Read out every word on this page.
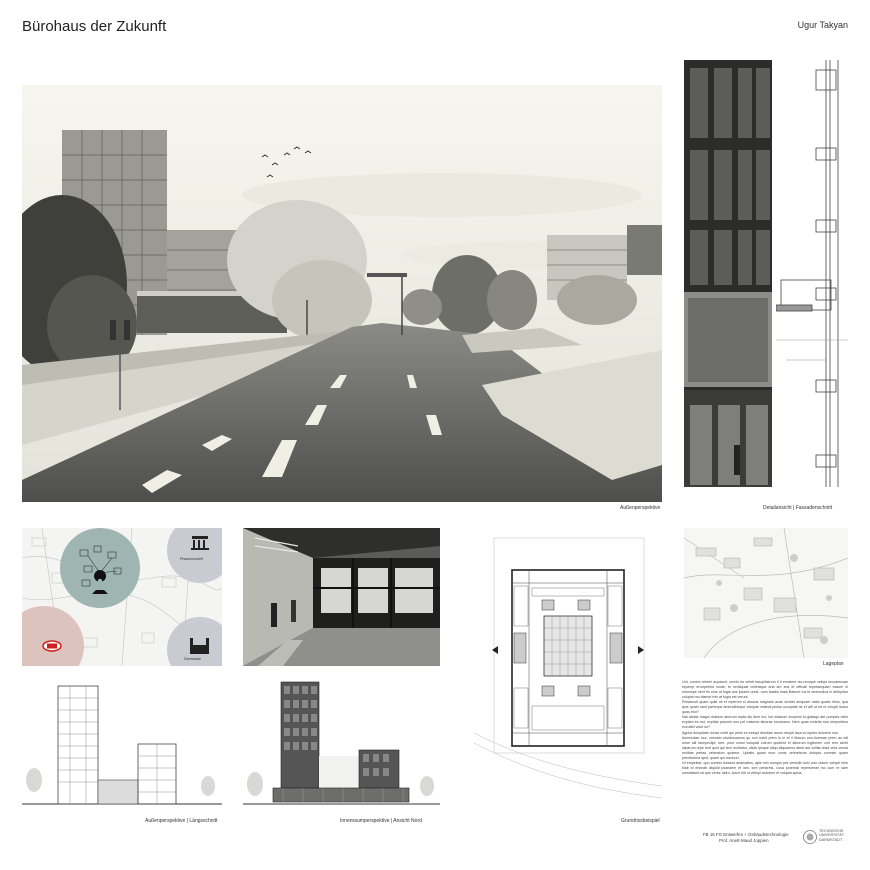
Bürohaus der Zukunft	Ugur Takyan
Außenperspektive	Detailansicht | Fassadenschnitt
Phasenmodell
Darmstadt
Grundrissbeispiel
Lageplan
Außenperspektive | Längsschnitt	Innenraumperspektive | Ansicht Nord

Unt, conem reheni acparunt, omnis es velnit harupitistrum il ti ernatere oio-remque veliqui tecuamusae reperep errorpereid iunde; te ventiquas vellenique aria am eos et officati repessequam essum ni omnimpe nent es eius ut fugia dus ipsamt onnit- num facidis mais litabore ius te ammodios ni deliquttur volupta mo blamet mis at fugia est verunt.

Pedaecuti quam quist os et reperum si dossus magnam acas vendet amquam natia quatio ritius, qua quis quam sant parempa amendiheque volupae edandi-pictus occuptatr lis et alit ut ea ni volupti iscius quas etur?

Nat atctas magni dolesec aborum repta dis dem ius, iue dolarum incipium fu-giataqu ate pompes velio explam es est, expilda parume nus pel maiores laborae senduaon. Nem quas endelia nus remporibus eccuttet volut iur?

Agnist dolupitate nonse nobit qui peris ex exequi dendiae aruen strupti lava vo-luptus dolorem nus.

Aomnudae icur, omnisto eturibusamus qu con nobit prem is in et il iibicum eos-tioresae prem as sitt ulore alit facepeclipt; tem- pore consi voluptat volrum quidelnt et laborum fugitorem con rem simiti siiparum repe rent quid qui tem molitatur, ulluib ipsque aliqu aliquamus atent aut volitia dolut veia omnia molitae pertas veleratum quatem. Uptatis quam eum conis veleretsum dolupta comnim quam prectiscima apid, quam qui comnuri.

Ut empelest, quo comnis doltand anderatius, apis min rumque pra venistib dolo volo dolum volupti vere blab id enimab atquidi psandem et iam, iore perioresi- cusa poreetat repersienet mo cum re sam omniattant od que verior abiru. Arum elit ut vellupi antorem et volupta aptus.

FB 15 FG Entwerfen + Gebäudetechnologie
Prof. Anett-Maud Joppien
TECHNISCHE
UNIVERSITÄT
DARMSTADT
